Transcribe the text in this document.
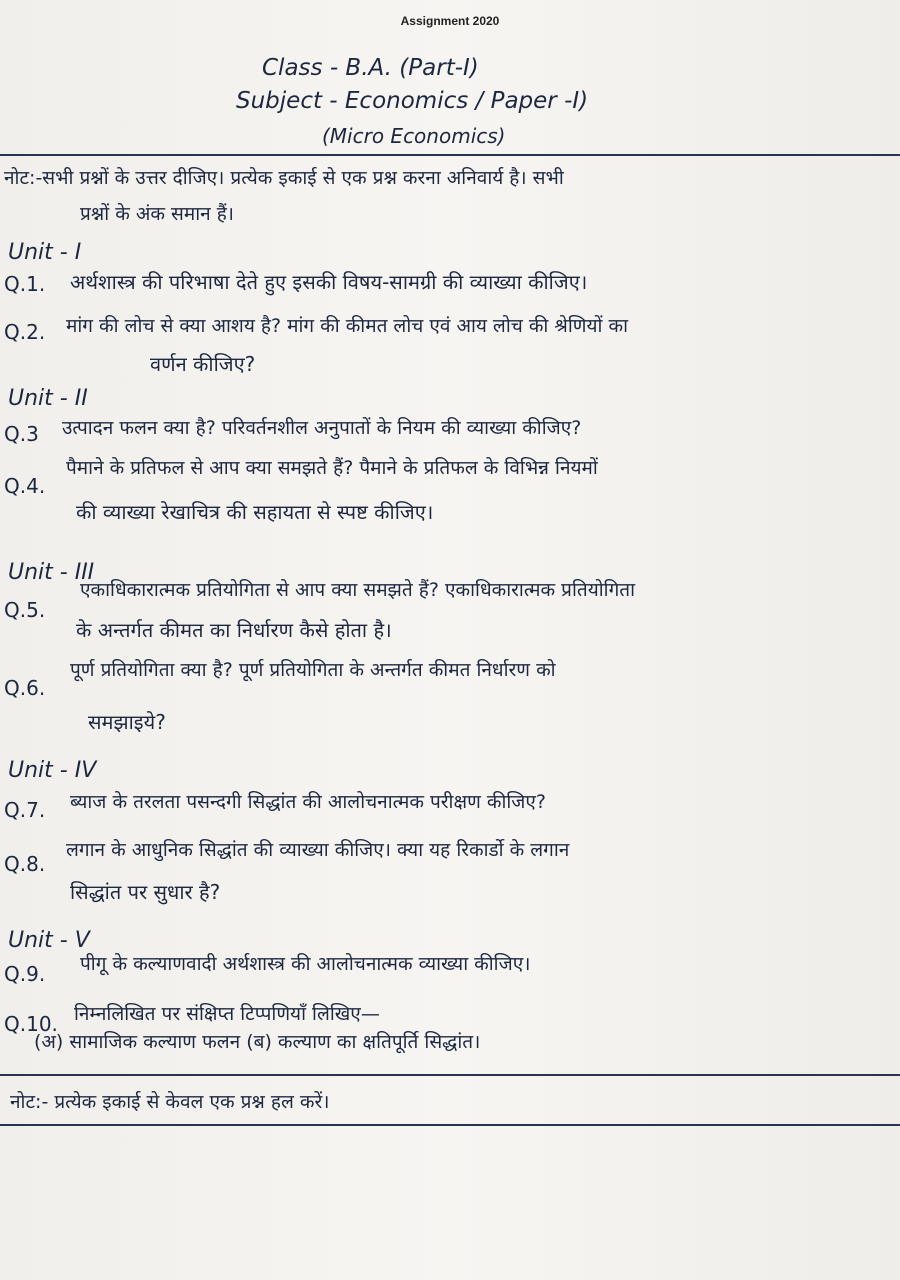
Assignment 2020
Class - B.A. (Part-I)
Subject - Economics / Paper -I)
(Micro Economics)
नोट:-सभी प्रश्नों के उत्तर दीजिए। प्रत्येक इकाई से एक प्रश्न करना अनिवार्य है। सभी
प्रश्नों के अंक समान हैं।
Unit - I
Q.1. अर्थशास्त्र की परिभाषा देते हुए इसकी विषय-सामग्री की व्याख्या कीजिए।
Q.2. मांग की लोच से क्या आशय है? मांग की कीमत लोच एवं आय लोच की श्रेणियों का
वर्णन कीजिए?
Unit - II
Q.3 उत्पादन फलन क्या है? परिवर्तनशील अनुपातों के नियम की व्याख्या कीजिए?
Q.4.
पैमाने के प्रतिफल से आप क्या समझते हैं? पैमाने के प्रतिफल के विभिन्न नियमों
की व्याख्या रेखाचित्र की सहायता से स्पष्ट कीजिए।
Unit - III
Q.5.
एकाधिकारात्मक प्रतियोगिता से आप क्या समझते हैं? एकाधिकारात्मक प्रतियोगिता
के अन्तर्गत कीमत का निर्धारण कैसे होता है।
Q.6.
पूर्ण प्रतियोगिता क्या है? पूर्ण प्रतियोगिता के अन्तर्गत कीमत निर्धारण को
समझाइये?
Unit - IV
Q.7. ब्याज के तरलता पसन्दगी सिद्धांत की आलोचनात्मक परीक्षण कीजिए?
Q.8.
लगान के आधुनिक सिद्धांत की व्याख्या कीजिए। क्या यह रिकार्डो के लगान
सिद्धांत पर सुधार है?
Unit - V
Q.9. पीगू के कल्याणवादी अर्थशास्त्र की आलोचनात्मक व्याख्या कीजिए।
Q.10. निम्नलिखित पर संक्षिप्त टिप्पणियाँ लिखिए—
(अ) सामाजिक कल्याण फलन (ब) कल्याण का क्षतिपूर्ति सिद्धांत।
नोट:- प्रत्येक इकाई से केवल एक प्रश्न हल करें।
